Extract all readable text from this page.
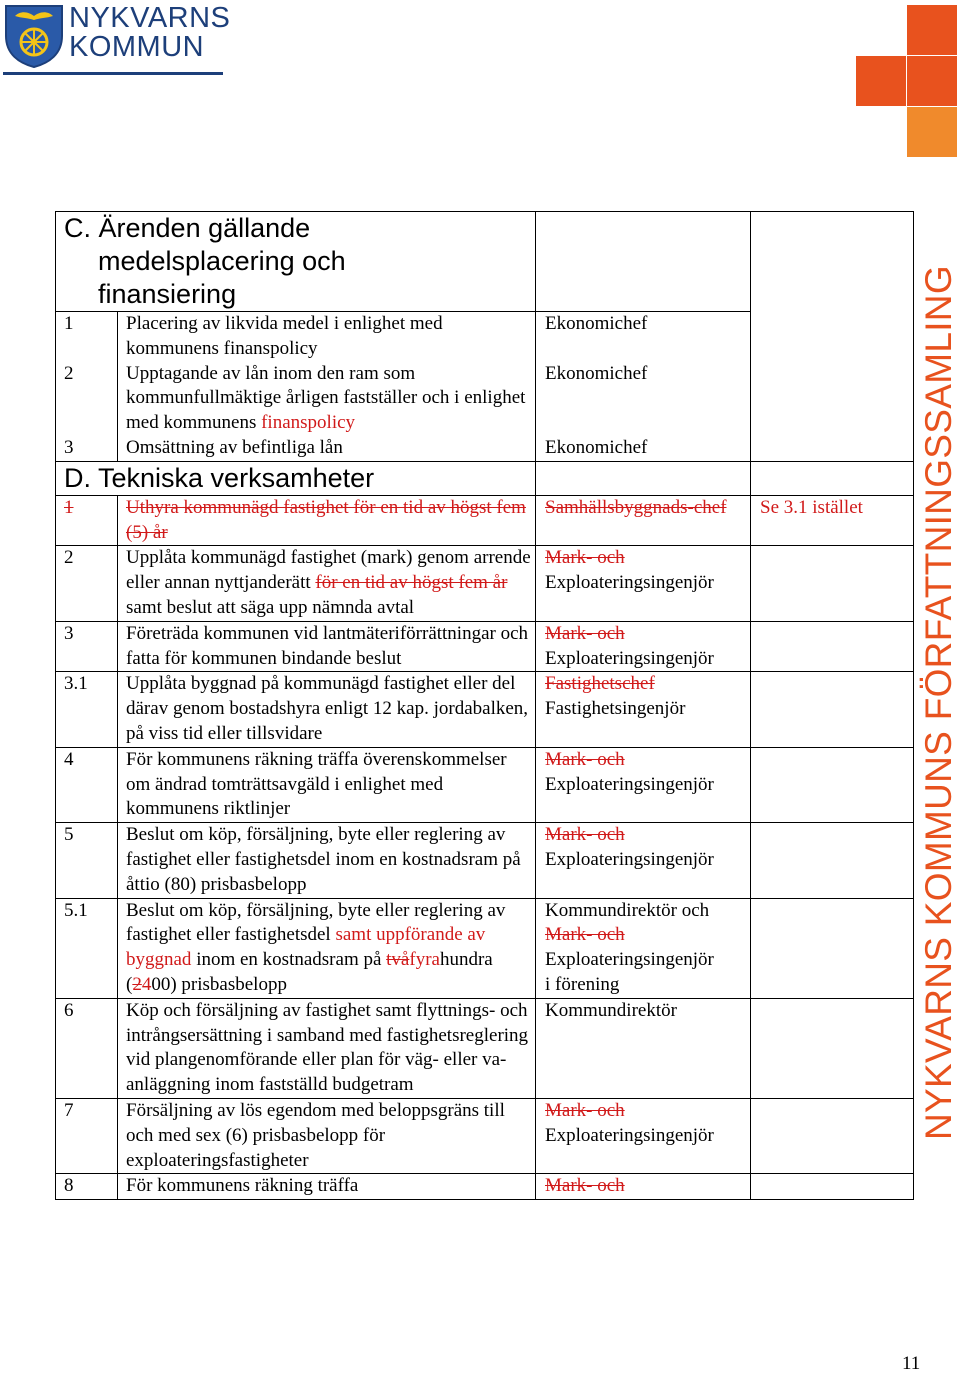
NYKVARNS
KOMMUN
NYKVARNS KOMMUNS FÖRFATTNINGSSAMLING
C. Ärenden gällande
medelsplacering och
finansiering			

1	Placering av likvida medel i enlighet med kommunens finanspolicy	Ekonomichef	
2	Upptagande av lån inom den ram som kommunfullmäktige årligen fastställer och i enlighet med kommunens finanspolicy	Ekonomichef	
3	Omsättning av befintliga lån	Ekonomichef	
D. Tekniska verksamheter			
1	Uthyra kommunägd fastighet för en tid av högst fem (5) år	Samhällsbyggnads-chef	Se 3.1 istället
2	Upplåta kommunägd fastighet (mark) genom arrende eller annan nyttjanderätt för en tid av högst fem år samt beslut att säga upp nämnda avtal	Mark- och
Exploateringsingenjör	
3	Företräda kommunen vid lantmäteriförrättningar och fatta för kommunen bindande beslut	Mark- och
Exploateringsingenjör	
3.1	Upplåta byggnad på kommunägd fastighet eller del därav genom bostadshyra enligt 12 kap. jordabalken, på viss tid eller tillsvidare	Fastighetschef
Fastighetsingenjör	
4	För kommunens räkning träffa överenskommelser om ändrad tomträttsavgäld i enlighet med kommunens riktlinjer	Mark- och
Exploateringsingenjör	
5	Beslut om köp, försäljning, byte eller reglering av fastighet eller fastighetsdel inom en kostnadsram på åttio (80) prisbasbelopp	Mark- och
Exploateringsingenjör	
5.1	Beslut om köp, försäljning, byte eller reglering av fastighet eller fastighetsdel samt uppförande av byggnad inom en kostnadsram på tvåfyrahundra (2400) prisbasbelopp	Kommundirektör och
Mark- och
Exploateringsingenjör
i förening	
6	Köp och försäljning av fastighet samt flyttnings- och intrångsersättning i samband med fastighetsreglering vid plangenomförande eller plan för väg- eller va-anläggning inom fastställd budgetram	Kommundirektör	
7	Försäljning av lös egendom med beloppsgräns till och med sex (6) prisbasbelopp för exploateringsfastigheter	Mark- och
Exploateringsingenjör	
8	För kommunens räkning träffa	Mark- och	
11
